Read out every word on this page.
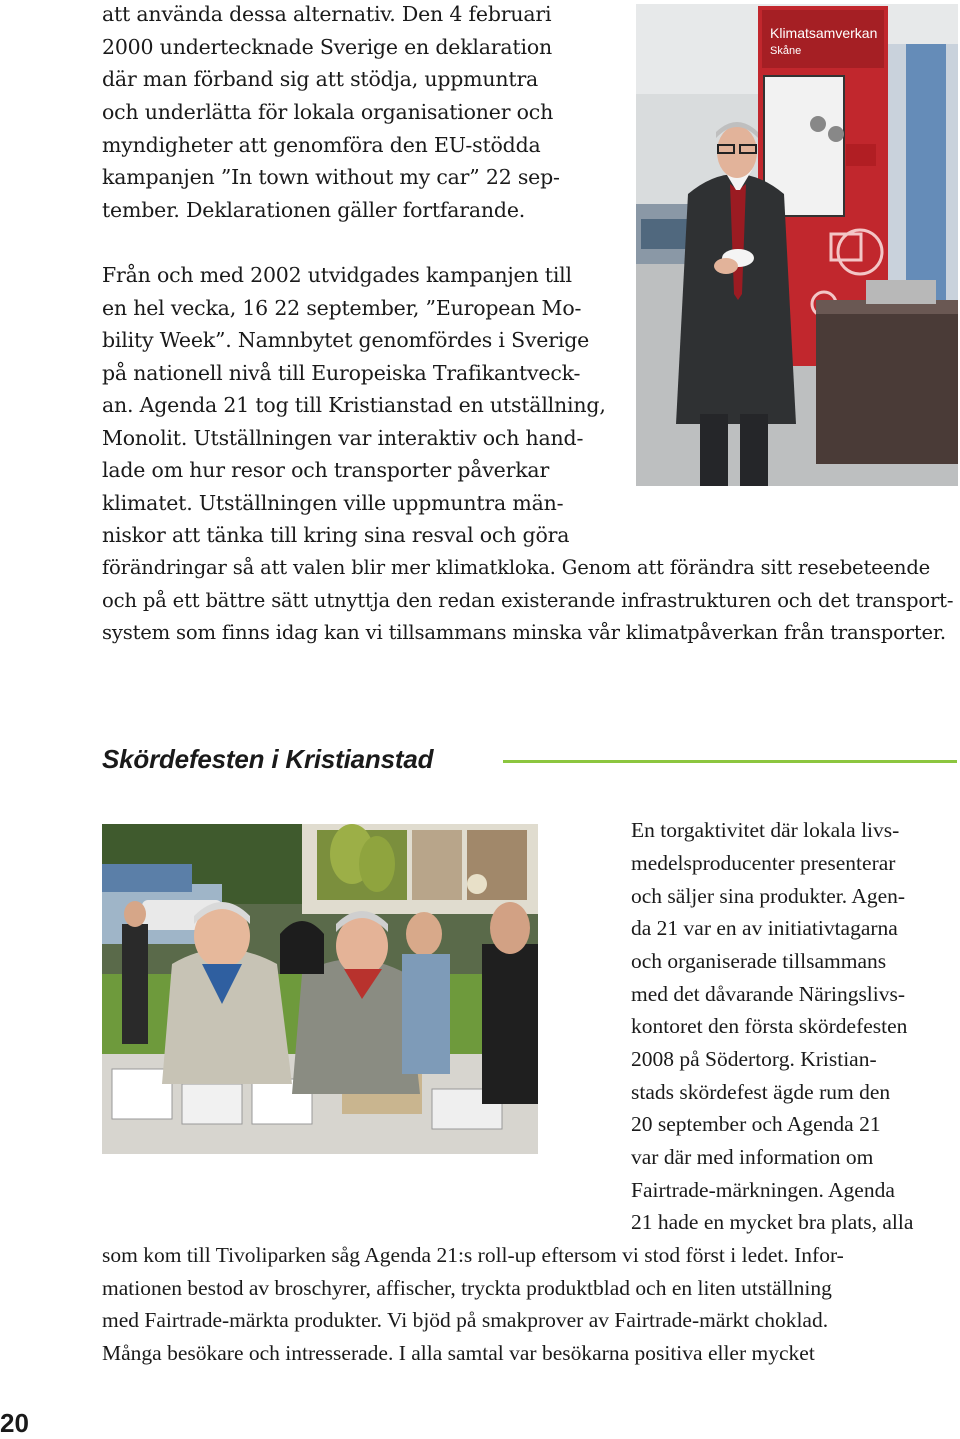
att använda dessa alternativ. Den 4 februari
2000 undertecknade Sverige en deklaration
där man förband sig att stödja, uppmuntra
och underlätta för lokala organisationer och
myndigheter att genomföra den EU-stödda
kampanjen ”In town without my car” 22 sep-
tember. Deklarationen gäller fortfarande.
Klimatsamverkan
Skåne
Från och med 2002 utvidgades kampanjen till
en hel vecka, 16 22 september, ”European Mo-
bility Week”. Namnbytet genomfördes i Sverige
på nationell nivå till Europeiska Trafikantveck-
an. Agenda 21 tog till Kristianstad en utställning,
Monolit. Utställningen var interaktiv och hand-
lade om hur resor och transporter påverkar
klimatet. Utställningen ville uppmuntra män-
niskor att tänka till kring sina resval och göra
förändringar så att valen blir mer klimatkloka. Genom att förändra sitt resebeteende
och på ett bättre sätt utnyttja den redan existerande infrastrukturen och det transport-
system som finns idag kan vi tillsammans minska vår klimatpåverkan från transporter.
Skördefesten i Kristianstad
En torgaktivitet där lokala livs-
medelsproducenter presenterar
och säljer sina produkter. Agen-
da 21 var en av initiativtagarna
och organiserade tillsammans
med det dåvarande Näringslivs-
kontoret den första skördefesten
2008 på Södertorg. Kristian-
stads skördefest ägde rum den
20 september och Agenda 21
var där med information om
Fairtrade-märkningen. Agenda
21 hade en mycket bra plats, alla
som kom till Tivoliparken såg Agenda 21:s roll-up eftersom vi stod först i ledet. Infor-
mationen bestod av broschyrer, affischer, tryckta produktblad och en liten utställning
med Fairtrade-märkta produkter. Vi bjöd på smakprover av Fairtrade-märkt choklad.
Många besökare och intresserade. I alla samtal var besökarna positiva eller mycket
20
